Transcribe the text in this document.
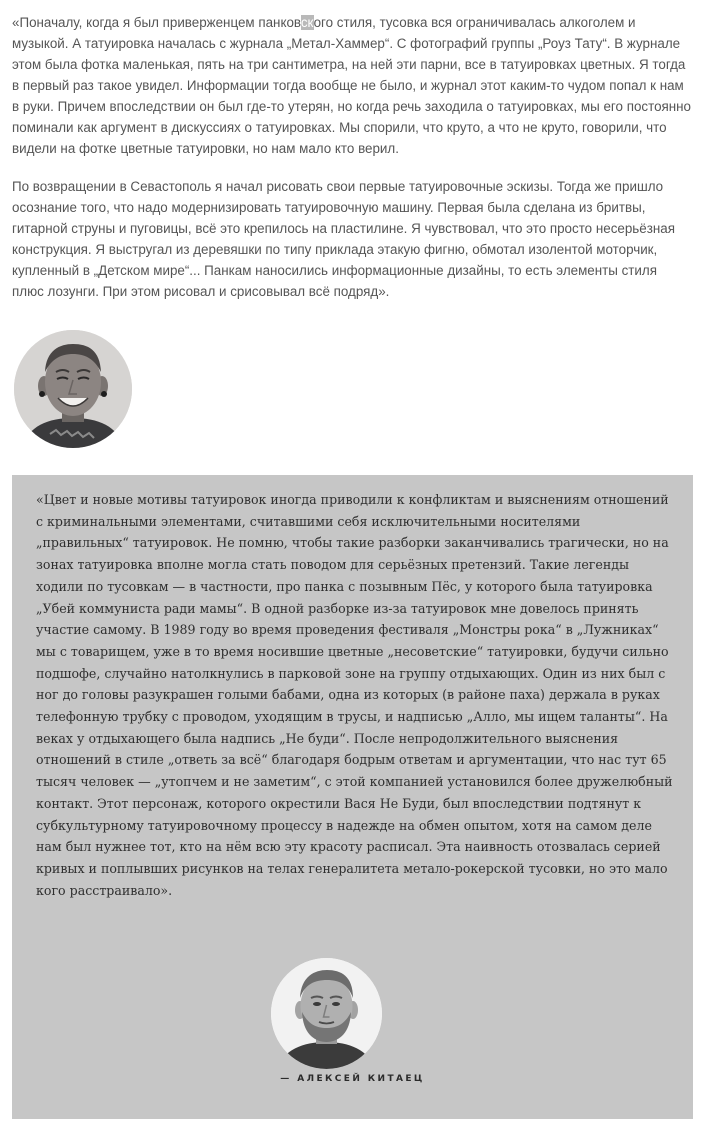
«Поначалу, когда я был приверженцем панковского стиля, тусовка вся ограничивалась алкоголем и музыкой. А татуировка началась с журнала „Метал-Хаммер“. С фотографий группы „Роуз Тату“. В журнале этом была фотка маленькая, пять на три сантиметра, на ней эти парни, все в татуировках цветных. Я тогда в первый раз такое увидел. Информации тогда вообще не было, и журнал этот каким-то чудом попал к нам в руки. Причем впоследствии он был где-то утерян, но когда речь заходила о татуировках, мы его постоянно поминали как аргумент в дискуссиях о татуировках. Мы спорили, что круто, а что не круто, говорили, что видели на фотке цветные татуировки, но нам мало кто верил.

По возвращении в Севастополь я начал рисовать свои первые татуировочные эскизы. Тогда же пришло осознание того, что надо модернизировать татуировочную машину. Первая была сделана из бритвы, гитарной струны и пуговицы, всё это крепилось на пластилине. Я чувствовал, что это просто несерьёзная конструкция. Я выстругал из деревяшки по типу приклада этакую фигню, обмотал изолентой моторчик, купленный в „Детском мире“... Панкам наносились информационные дизайны, то есть элементы стиля плюс лозунги. При этом рисовал и срисовывал всё подряд».

«Цвет и новые мотивы татуировок иногда приводили к конфликтам и выяснениям отношений с криминальными элементами, считавшими себя исключительными носителями „правильных“ татуировок. Не помню, чтобы такие разборки заканчивались трагически, но на зонах татуировка вполне могла стать поводом для серьёзных претензий. Такие легенды ходили по тусовкам — в частности, про панка с позывным Пёс, у которого была татуировка „Убей коммуниста ради мамы“. В одной разборке из-за татуировок мне довелось принять участие самому. В 1989 году во время проведения фестиваля „Монстры рока“ в „Лужниках“ мы с товарищем, уже в то время носившие цветные „несоветские“ татуировки, будучи сильно подшофе, случайно натолкнулись в парковой зоне на группу отдыхающих. Один из них был с ног до головы разукрашен голыми бабами, одна из которых (в районе паха) держала в руках телефонную трубку с проводом, уходящим в трусы, и надписью „Алло, мы ищем таланты“. На веках у отдыхающего была надпись „Не буди“. После непродолжительного выяснения отношений в стиле „ответь за всё“ благодаря бодрым ответам и аргументации, что нас тут 65 тысяч человек — „утопчем и не заметим“, с этой компанией установился более дружелюбный контакт. Этот персонаж, которого окрестили Вася Не Буди, был впоследствии подтянут к субкультурному татуировочному процессу в надежде на обмен опытом, хотя на самом деле нам был нужнее тот, кто на нём всю эту красоту расписал. Эта наивность отозвалась серией кривых и поплывших рисунков на телах генералитета метало-рокерской тусовки, но это мало кого расстраивало».

— АЛЕКСЕЙ КИТАЕЦ
